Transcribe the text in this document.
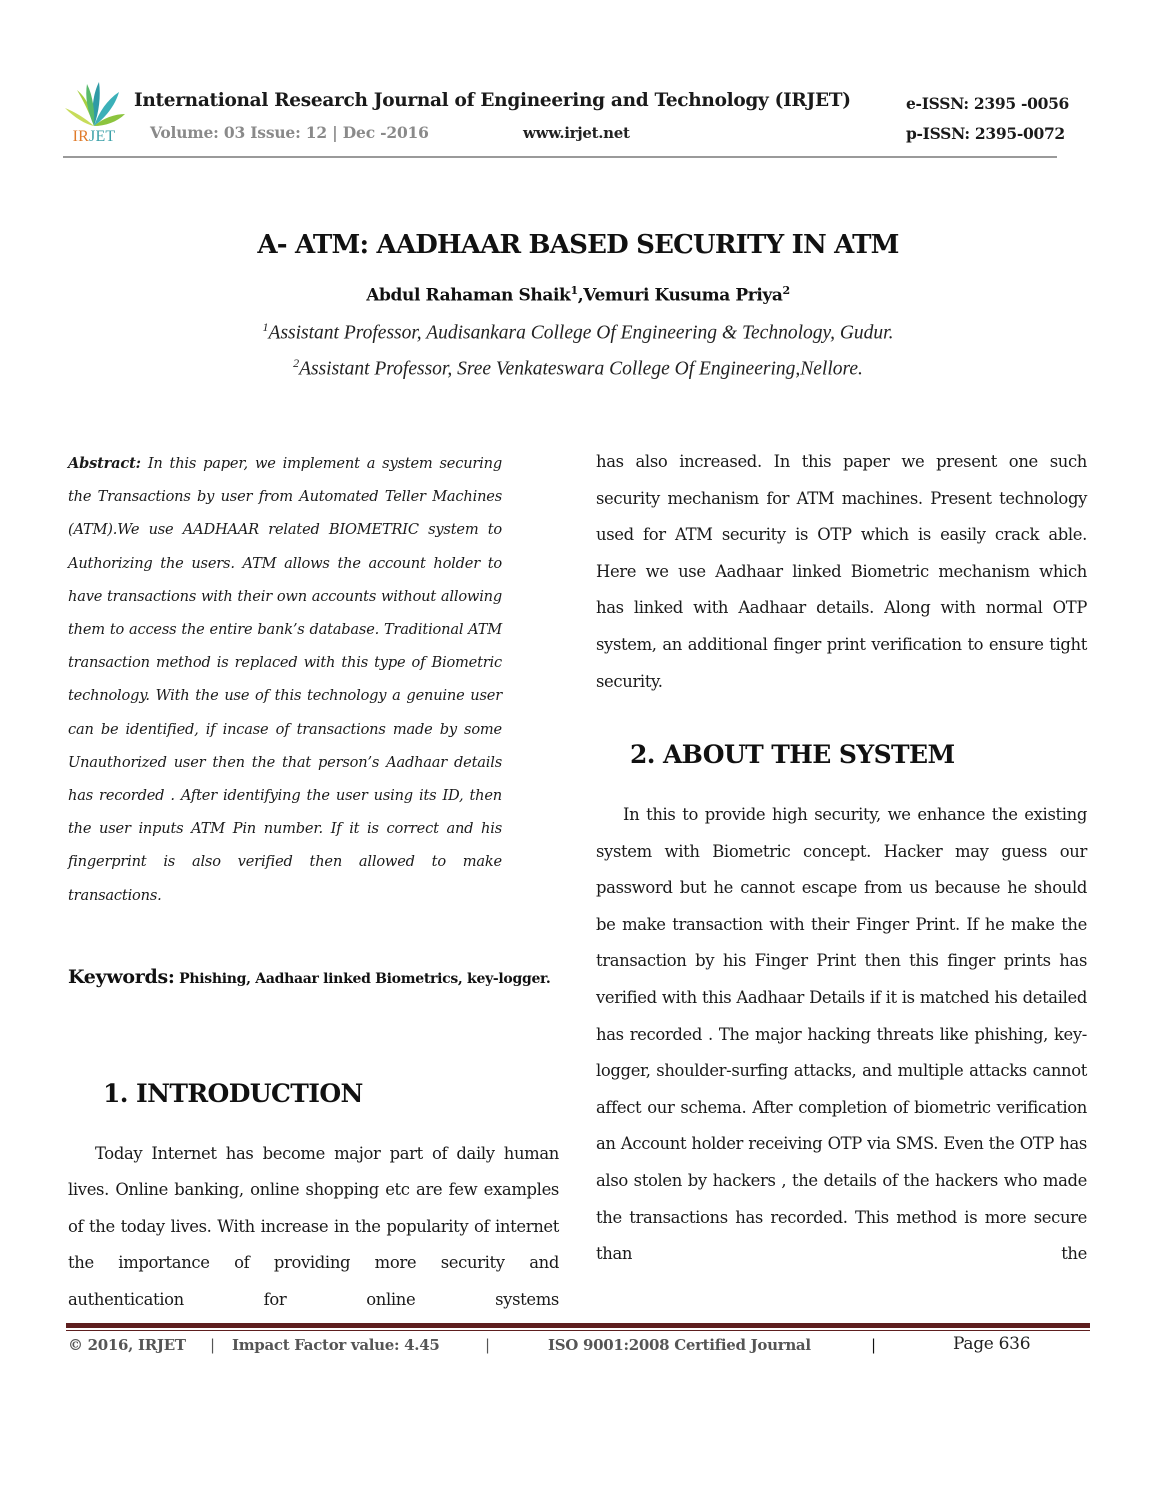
IRJET
International Research Journal of Engineering and Technology (IRJET)
Volume: 03 Issue: 12 | Dec -2016	www.irjet.net
e-ISSN: 2395 -0056
p-ISSN: 2395-0072
A- ATM: AADHAAR BASED SECURITY IN ATM
Abdul Rahaman Shaik$^1$,Vemuri Kusuma Priya$^2$
$^1$Assistant Professor, Audisankara College Of Engineering & Technology, Gudur.
$^2$Assistant Professor, Sree Venkateswara College Of Engineering,Nellore.
Abstract: In this paper, we implement a system securing the Transactions by user from Automated Teller Machines (ATM).We use AADHAAR related BIOMETRIC system to Authorizing the users. ATM allows the account holder to have transactions with their own accounts without allowing them to access the entire bank’s database. Traditional ATM transaction method is replaced with this type of Biometric technology. With the use of this technology a genuine user can be identified, if incase of transactions made by some Unauthorized user then the that person’s Aadhaar details has recorded . After identifying the user using its ID, then the user inputs ATM Pin number. If it is correct and his fingerprint is also verified then allowed to make transactions.
Keywords: Phishing, Aadhaar linked Biometrics, key-logger.
1. INTRODUCTION
Today Internet has become major part of daily human lives. Online banking, online shopping etc are few examples of the today lives. With increase in the popularity of internet the importance of providing more security and authentication for online systems
has also increased. In this paper we present one such security mechanism for ATM machines. Present technology used for ATM security is OTP which is easily crack able. Here we use Aadhaar linked Biometric mechanism which has linked with Aadhaar details. Along with normal OTP system, an additional finger print verification to ensure tight security.
2. ABOUT THE SYSTEM
In this to provide high security, we enhance the existing system with Biometric concept. Hacker may guess our password but he cannot escape from us because he should be make transaction with their Finger Print. If he make the transaction by his Finger Print then this finger prints has verified with this Aadhaar Details if it is matched his detailed has recorded . The major hacking threats like phishing, key-logger, shoulder-surfing attacks, and multiple attacks cannot affect our schema. After completion of biometric verification an Account holder receiving OTP via SMS. Even the OTP has also stolen by hackers , the details of the hackers who made the transactions has recorded. This method is more secure than the
© 2016, IRJET | Impact Factor value: 4.45	|	ISO 9001:2008 Certified Journal	|	Page 636
